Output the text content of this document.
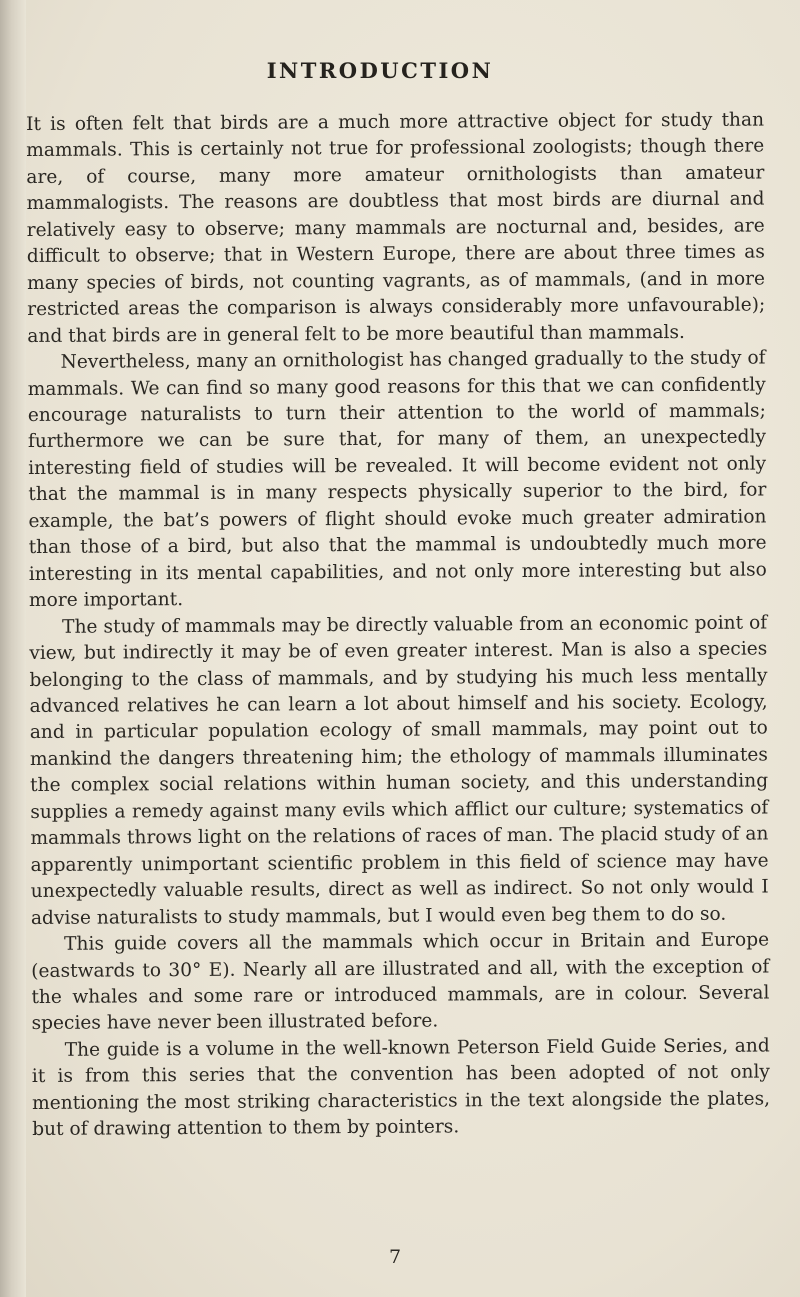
INTRODUCTION

It is often felt that birds are a much more attractive object for study than mammals. This is certainly not true for professional zoologists; though there are, of course, many more amateur ornithologists than amateur mammalogists. The reasons are doubtless that most birds are diurnal and relatively easy to observe; many mammals are nocturnal and, besides, are difficult to observe; that in Western Europe, there are about three times as many species of birds, not counting vagrants, as of mammals, (and in more restricted areas the comparison is always considerably more unfavourable); and that birds are in general felt to be more beautiful than mammals.

Nevertheless, many an ornithologist has changed gradually to the study of mammals. We can find so many good reasons for this that we can confidently encourage naturalists to turn their attention to the world of mammals; furthermore we can be sure that, for many of them, an unexpectedly interesting field of studies will be revealed. It will become evident not only that the mammal is in many respects physically superior to the bird, for example, the bat’s powers of flight should evoke much greater admiration than those of a bird, but also that the mammal is undoubtedly much more interesting in its mental capabilities, and not only more interesting but also more important.

The study of mammals may be directly valuable from an economic point of view, but indirectly it may be of even greater interest. Man is also a species belonging to the class of mammals, and by studying his much less mentally advanced relatives he can learn a lot about himself and his society. Ecology, and in particular population ecology of small mammals, may point out to mankind the dangers threatening him; the ethology of mammals illuminates the complex social relations within human society, and this understanding supplies a remedy against many evils which afflict our culture; systematics of mammals throws light on the relations of races of man. The placid study of an apparently unimportant scientific problem in this field of science may have unexpectedly valuable results, direct as well as indirect. So not only would I advise naturalists to study mammals, but I would even beg them to do so.

This guide covers all the mammals which occur in Britain and Europe (eastwards to 30° E). Nearly all are illustrated and all, with the exception of the whales and some rare or introduced mammals, are in colour. Several species have never been illustrated before.

The guide is a volume in the well-known Peterson Field Guide Series, and it is from this series that the convention has been adopted of not only mentioning the most striking characteristics in the text alongside the plates, but of drawing attention to them by pointers.

7
